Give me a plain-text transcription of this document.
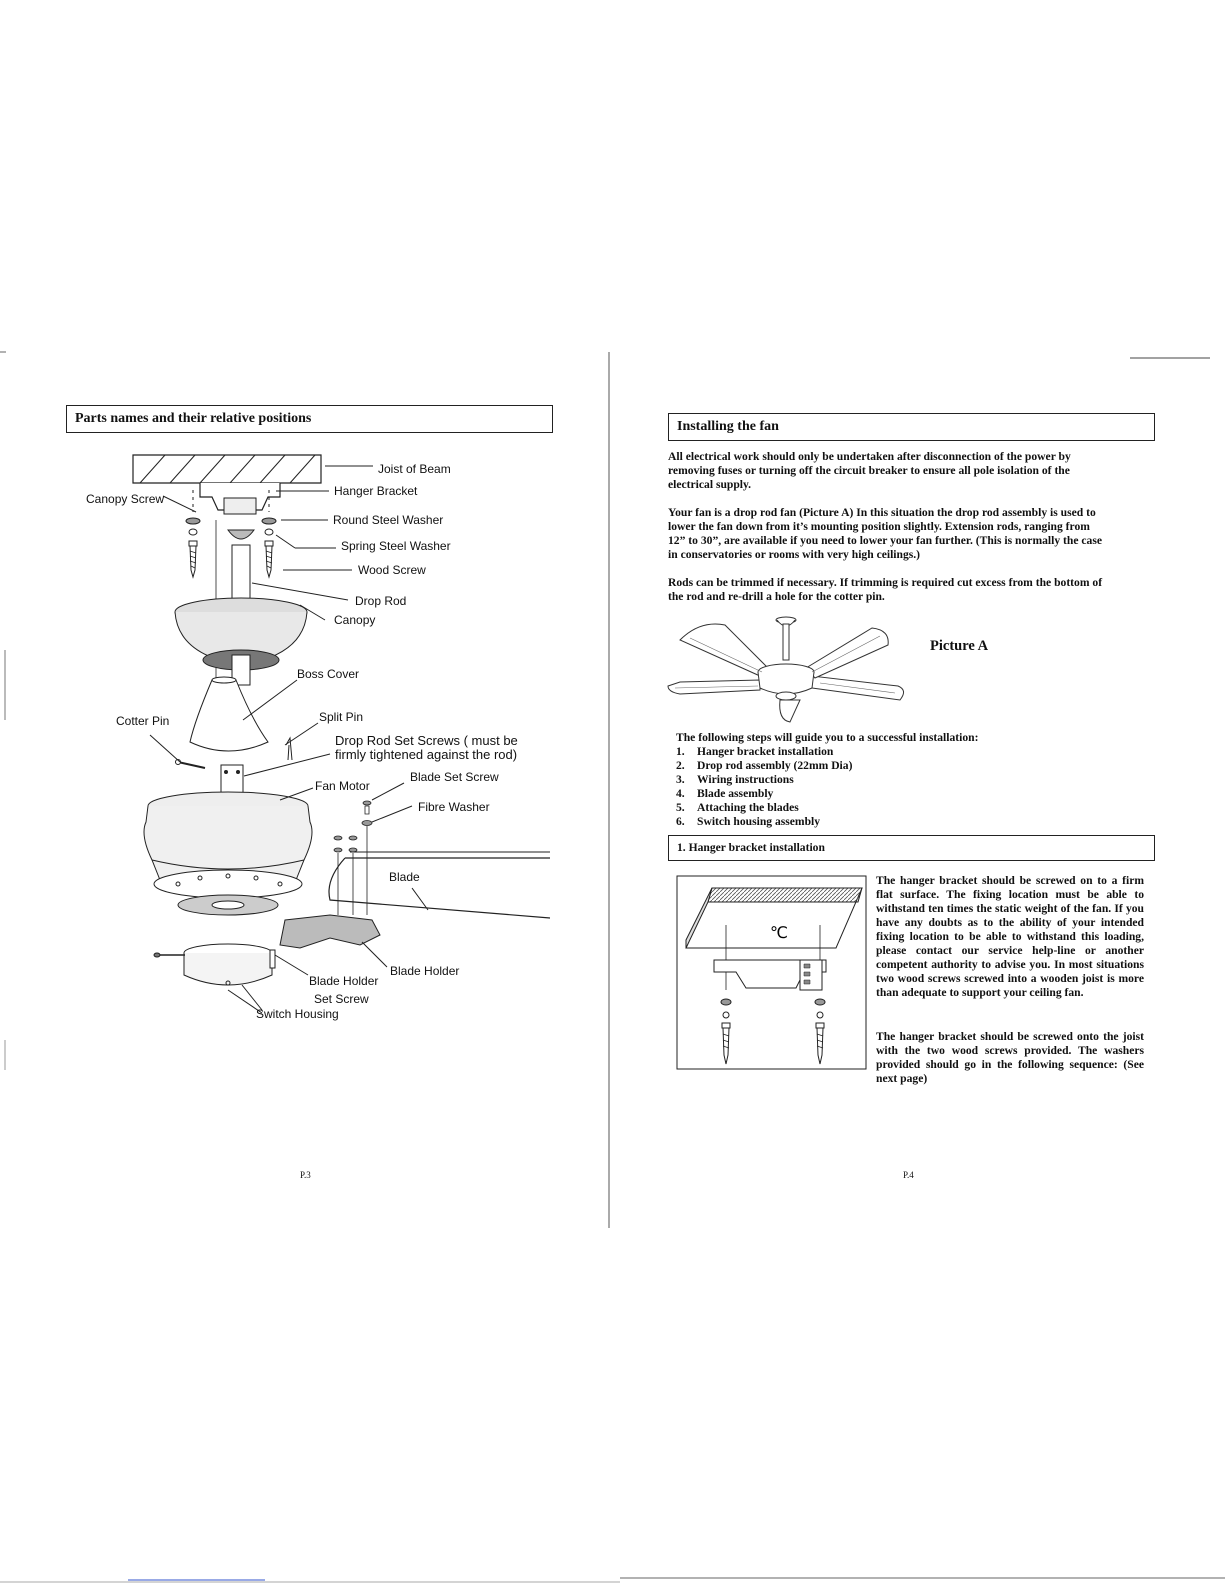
Parts names and their relative positions
Joist of Beam
Hanger Bracket
Canopy Screw
Round Steel Washer
Spring Steel Washer
Wood Screw
Drop Rod
Canopy
Boss Cover
Cotter Pin	Split Pin
Drop Rod Set Screws ( must be
firmly tightened against the rod)
Blade Set Screw
Fan Motor
Fibre Washer
Blade
Blade Holder
Blade Holder
Set Screw
Switch Housing
P.3
Installing the fan
All electrical work should only be undertaken after disconnection of the power by removing fuses or turning off the circuit breaker to ensure all pole isolation of the electrical supply.
Your fan is a drop rod fan (Picture A) In this situation the drop rod assembly is used to lower the fan down from it’s mounting position slightly. Extension rods, ranging from 12” to 30”, are available if you need to lower your fan further. (This is normally the case in conservatories or rooms with very high ceilings.)
Rods can be trimmed if necessary. If trimming is required cut excess from the bottom of the rod and re-drill a hole for the cotter pin.
Picture A
The following steps will guide you to a successful installation:
1. Hanger bracket installation
2. Drop rod assembly (22mm Dia)
3. Wiring instructions
4. Blade assembly
5. Attaching the blades
6. Switch housing assembly
1. Hanger bracket installation
℃
The hanger bracket should be screwed on to a firm flat surface. The fixing location must be able to withstand ten times the static weight of the fan. If you have any doubts as to the ability of your intended fixing location to be able to withstand this loading, please contact our service help-line or another competent authority to advise you. In most situations two wood screws screwed into a wooden joist is more than adequate to support your ceiling fan.
The hanger bracket should be screwed onto the joist with the two wood screws provided. The washers provided should go in the following sequence: (See next page)
P.4
